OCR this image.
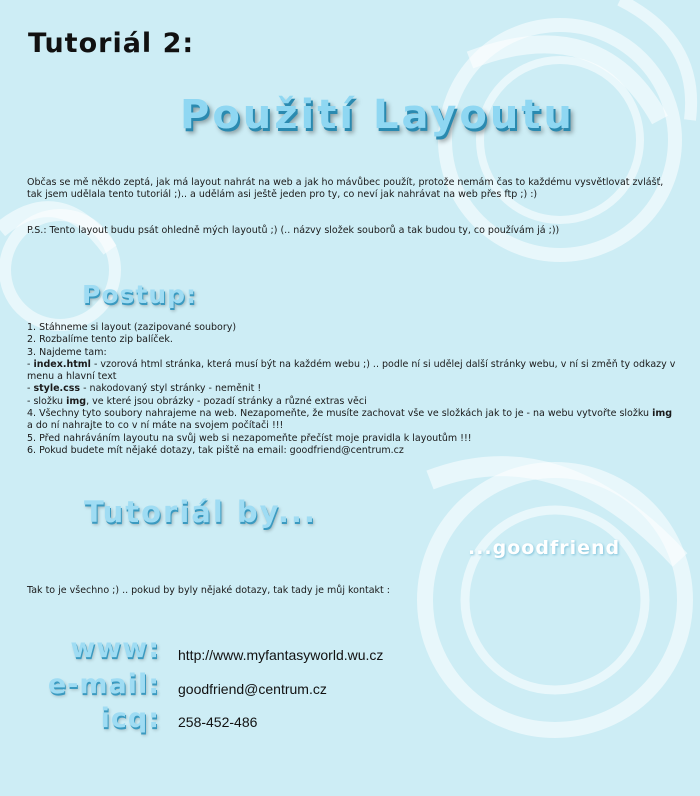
Tutoriál 2:
Použití Layoutu
Občas se mě někdo zeptá, jak má layout nahrát na web a jak ho mávůbec použít, protože nemám čas to každému vysvětlovat zvlášť, tak jsem udělala tento tutoriál ;).. a udělám asi ještě jeden pro ty, co neví jak nahrávat na web přes ftp ;) :)
P.S.: Tento layout budu psát ohledně mých layoutů ;) (.. názvy složek souborů a tak budou ty, co používám já ;))
Postup:
1. Stáhneme si layout (zazipované soubory)
2. Rozbalíme tento zip balíček.
3. Najdeme tam:
- index.html - vzorová html stránka, která musí být na každém webu ;) .. podle ní si udělej další stránky webu, v ní si změň ty odkazy v menu a hlavní text
- style.css - nakodovaný styl stránky - neměnit !
- složku img, ve které jsou obrázky - pozadí stránky a různé extras věci
4. Všechny tyto soubory nahrajeme na web. Nezapomeňte, že musíte zachovat vše ve složkách jak to je - na webu vytvořte složku img a do ní nahrajte to co v ní máte na svojem počítači !!!
5. Před nahráváním layoutu na svůj web si nezapomeňte přečíst moje pravidla k layoutům !!!
6. Pokud budete mít nějaké dotazy, tak piště na email: goodfriend@centrum.cz
Tutoriál by...
...goodfriend
Tak to je všechno ;) .. pokud by byly nějaké dotazy, tak tady je můj kontakt :
www: http://www.myfantasyworld.wu.cz
e-mail: goodfriend@centrum.cz
icq: 258-452-486
